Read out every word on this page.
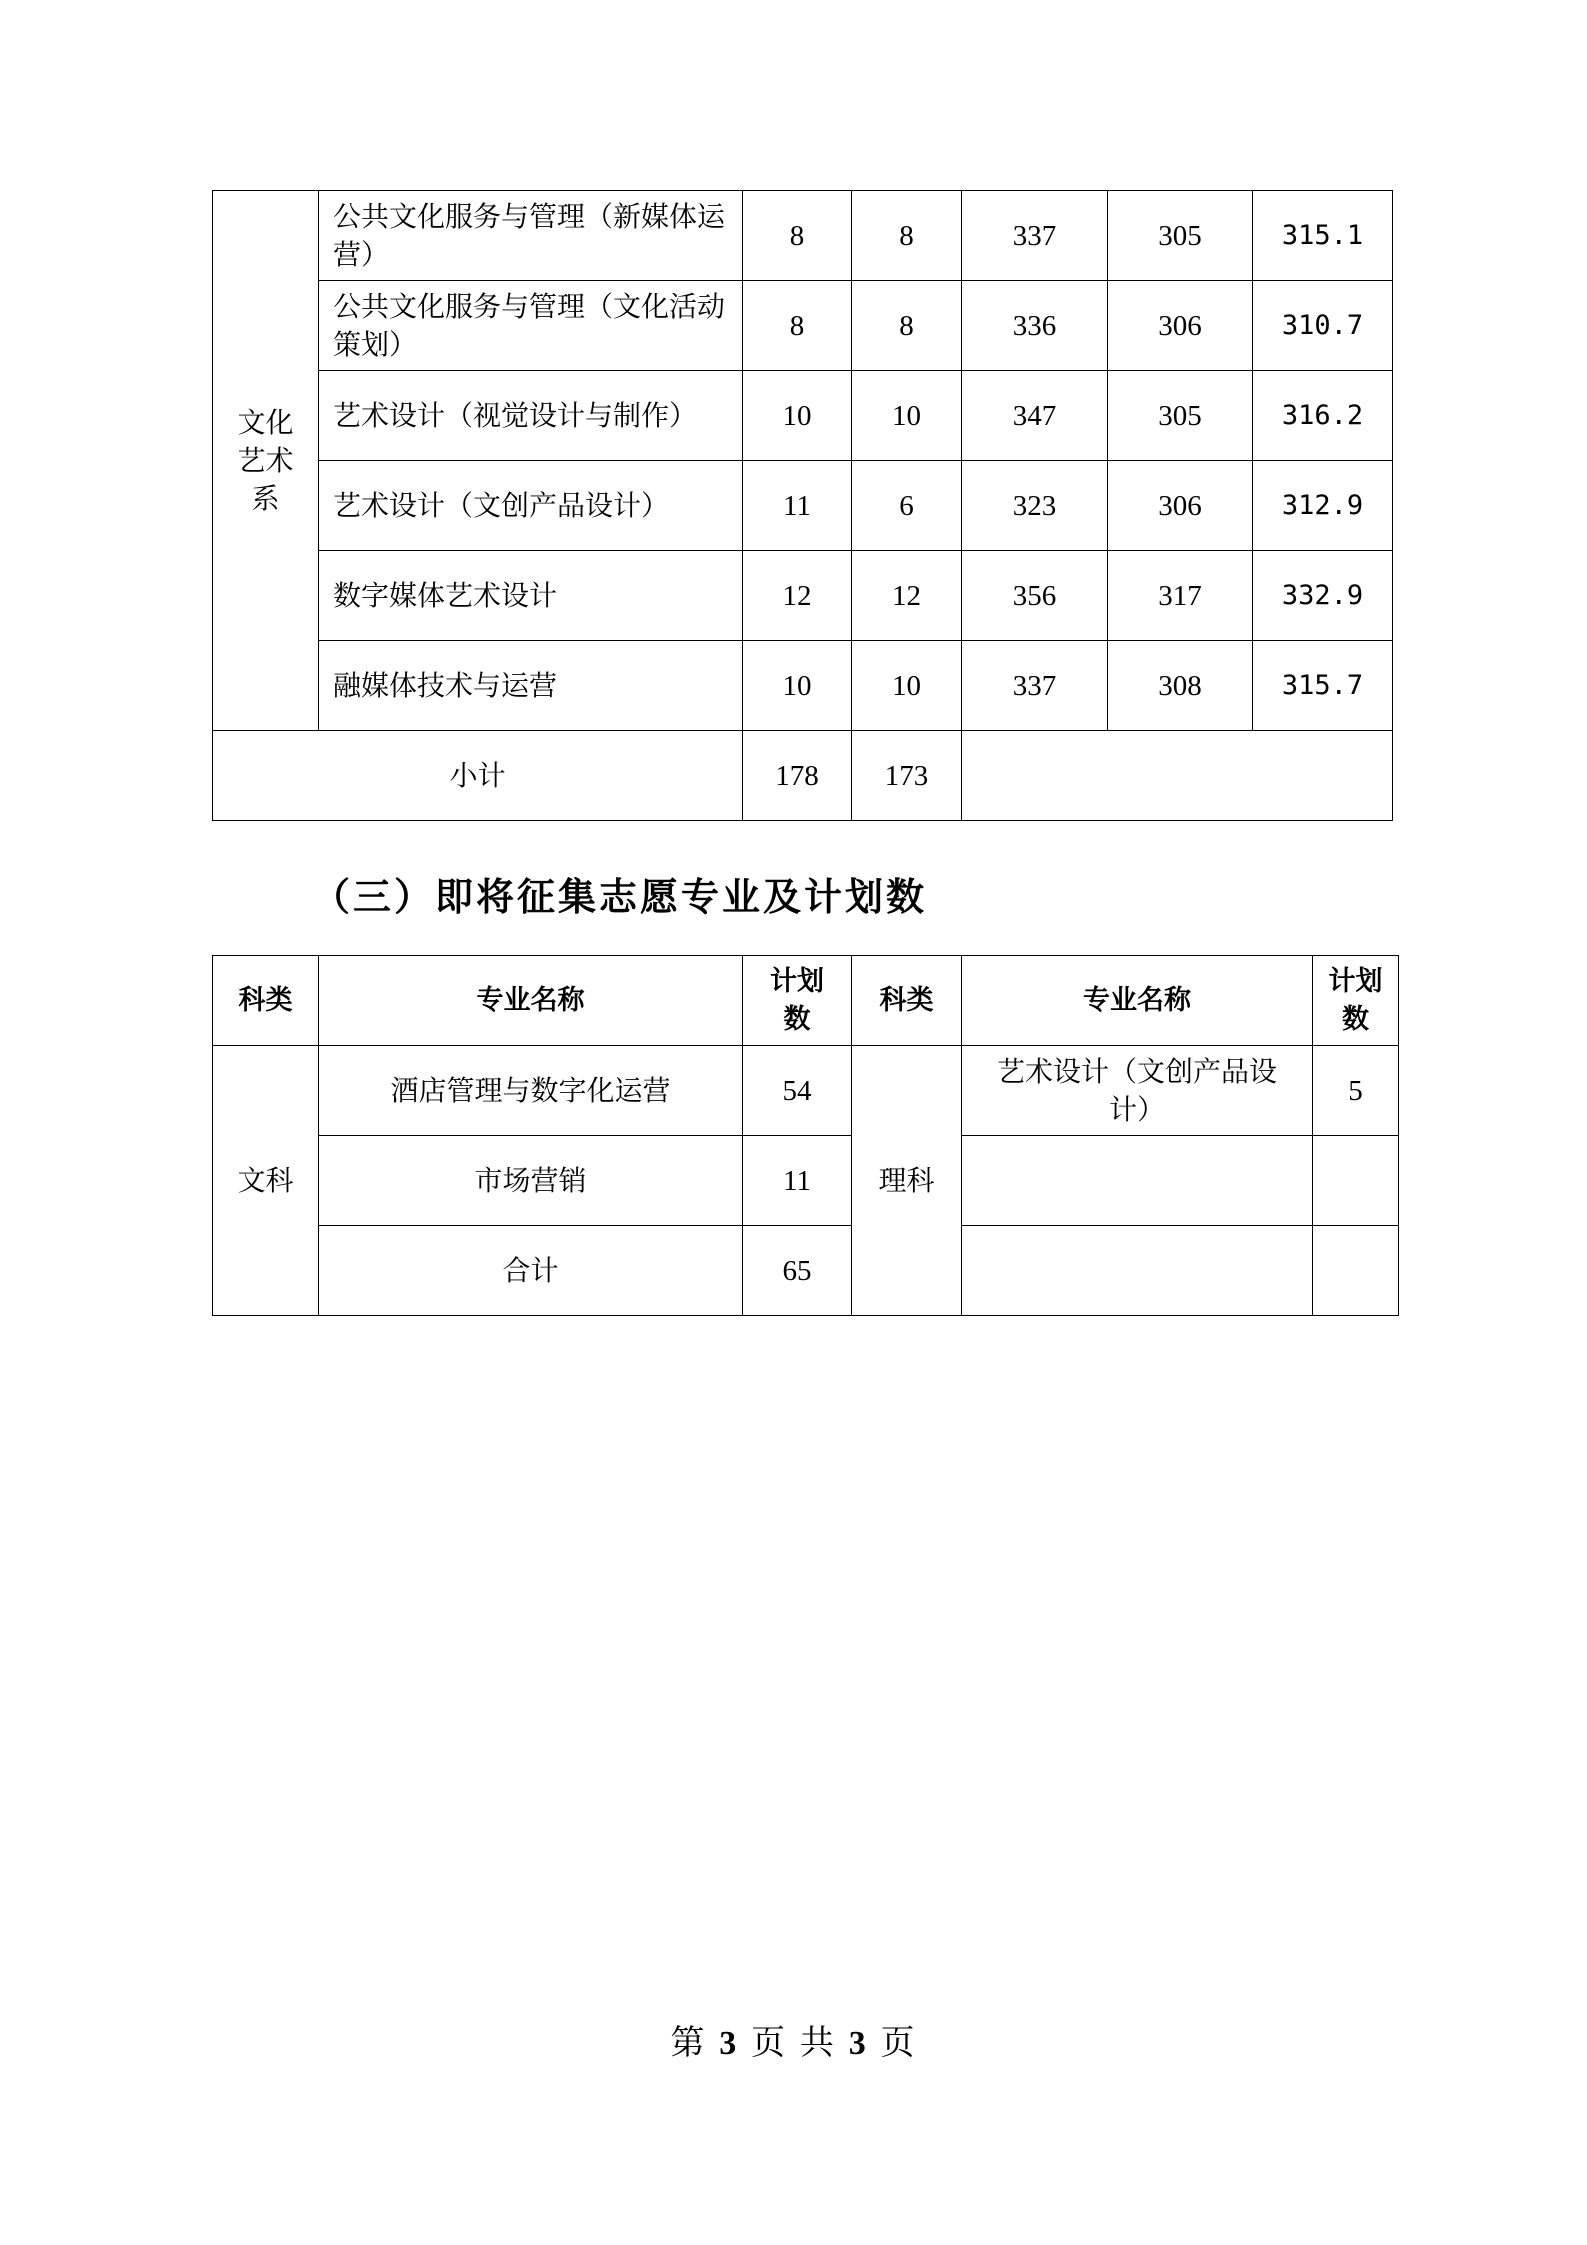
文化艺术系	公共文化服务与管理（新媒体运营）	8	8	337	305	315.1
	公共文化服务与管理（文化活动策划）	8	8	336	306	310.7
	艺术设计（视觉设计与制作）	10	10	347	305	316.2
	艺术设计（文创产品设计）	11	6	323	306	312.9
	数字媒体艺术设计	12	12	356	317	332.9
	融媒体技术与运营	10	10	337	308	315.7
小计		178	173			
（三）即将征集志愿专业及计划数
科类	专业名称	计划数	科类	专业名称	计划数

文科	酒店管理与数字化运营	54	理科	艺术设计（文创产品设计）	5
	市场营销	11			
	合计	65			
第 3 页 共 3 页
